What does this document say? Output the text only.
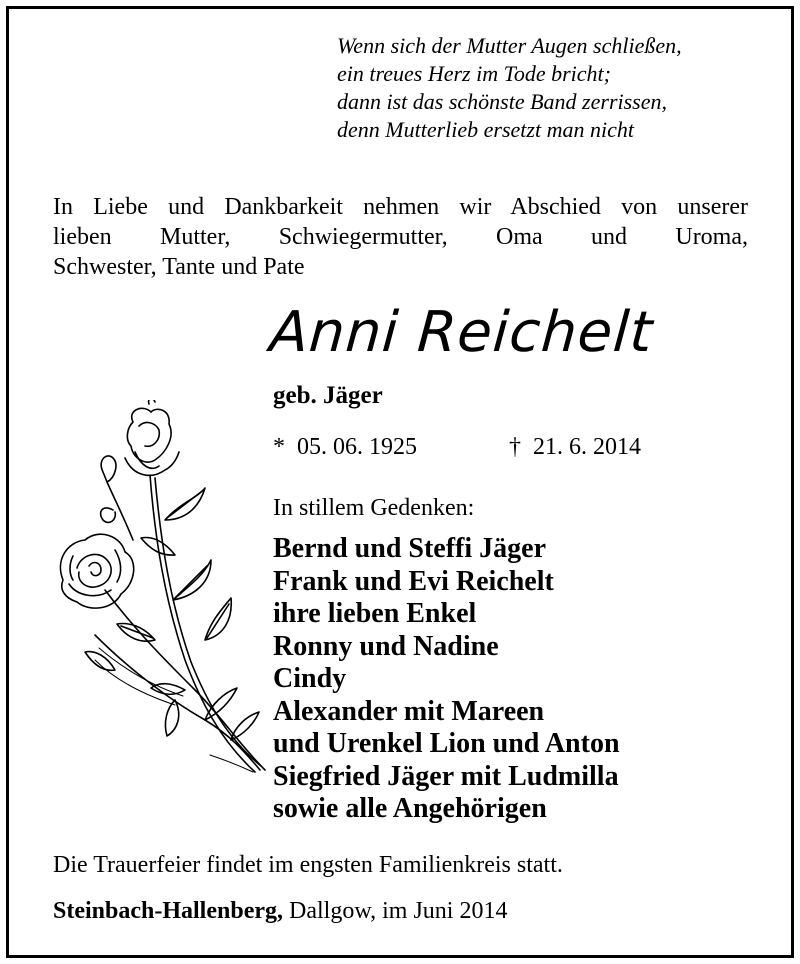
Wenn sich der Mutter Augen schließen,
ein treues Herz im Tode bricht;
dann ist das schönste Band zerrissen,
denn Mutterlieb ersetzt man nicht
In Liebe und Dankbarkeit nehmen wir Abschied von unserer
lieben Mutter, Schwiegermutter, Oma und Uroma,
Schwester, Tante und Pate
Anni Reichelt
geb. Jäger
* 05. 06. 1925	† 21. 6. 2014
In stillem Gedenken:
Bernd und Steffi Jäger
Frank und Evi Reichelt
ihre lieben Enkel
Ronny und Nadine
Cindy
Alexander mit Mareen
und Urenkel Lion und Anton
Siegfried Jäger mit Ludmilla
sowie alle Angehörigen
Die Trauerfeier findet im engsten Familienkreis statt.
Steinbach-Hallenberg, Dallgow, im Juni 2014
